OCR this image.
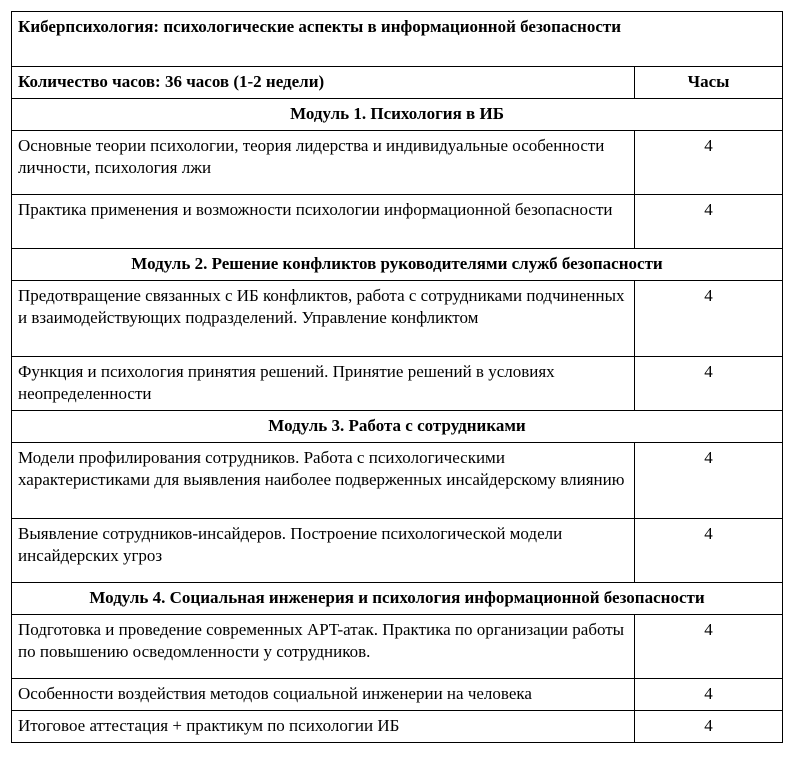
Киберпсихология: психологические аспекты в информационной безопасности	
Количество часов: 36 часов (1-2 недели)	Часы
Модуль 1. Психология в ИБ	
Основные теории психологии, теория лидерства и индивидуальные особенности личности, психология лжи	4
Практика применения и возможности психологии информационной безопасности	4
Модуль 2. Решение конфликтов руководителями служб безопасности	
Предотвращение связанных с ИБ конфликтов, работа с сотрудниками подчиненных и взаимодействующих подразделений. Управление конфликтом	4
Функция и психология принятия решений. Принятие решений в условиях неопределенности	4
Модуль 3. Работа с сотрудниками	
Модели профилирования сотрудников. Работа с психологическими характеристиками для выявления наиболее подверженных инсайдерскому влиянию	4
Выявление сотрудников-инсайдеров. Построение психологической модели инсайдерских угроз	4
Модуль 4. Социальная инженерия и психология информационной безопасности	
Подготовка и проведение современных APT-атак. Практика по организации работы по повышению осведомленности у сотрудников.	4
Особенности воздействия методов социальной инженерии на человека	4
Итоговое аттестация + практикум по психологии ИБ	4
